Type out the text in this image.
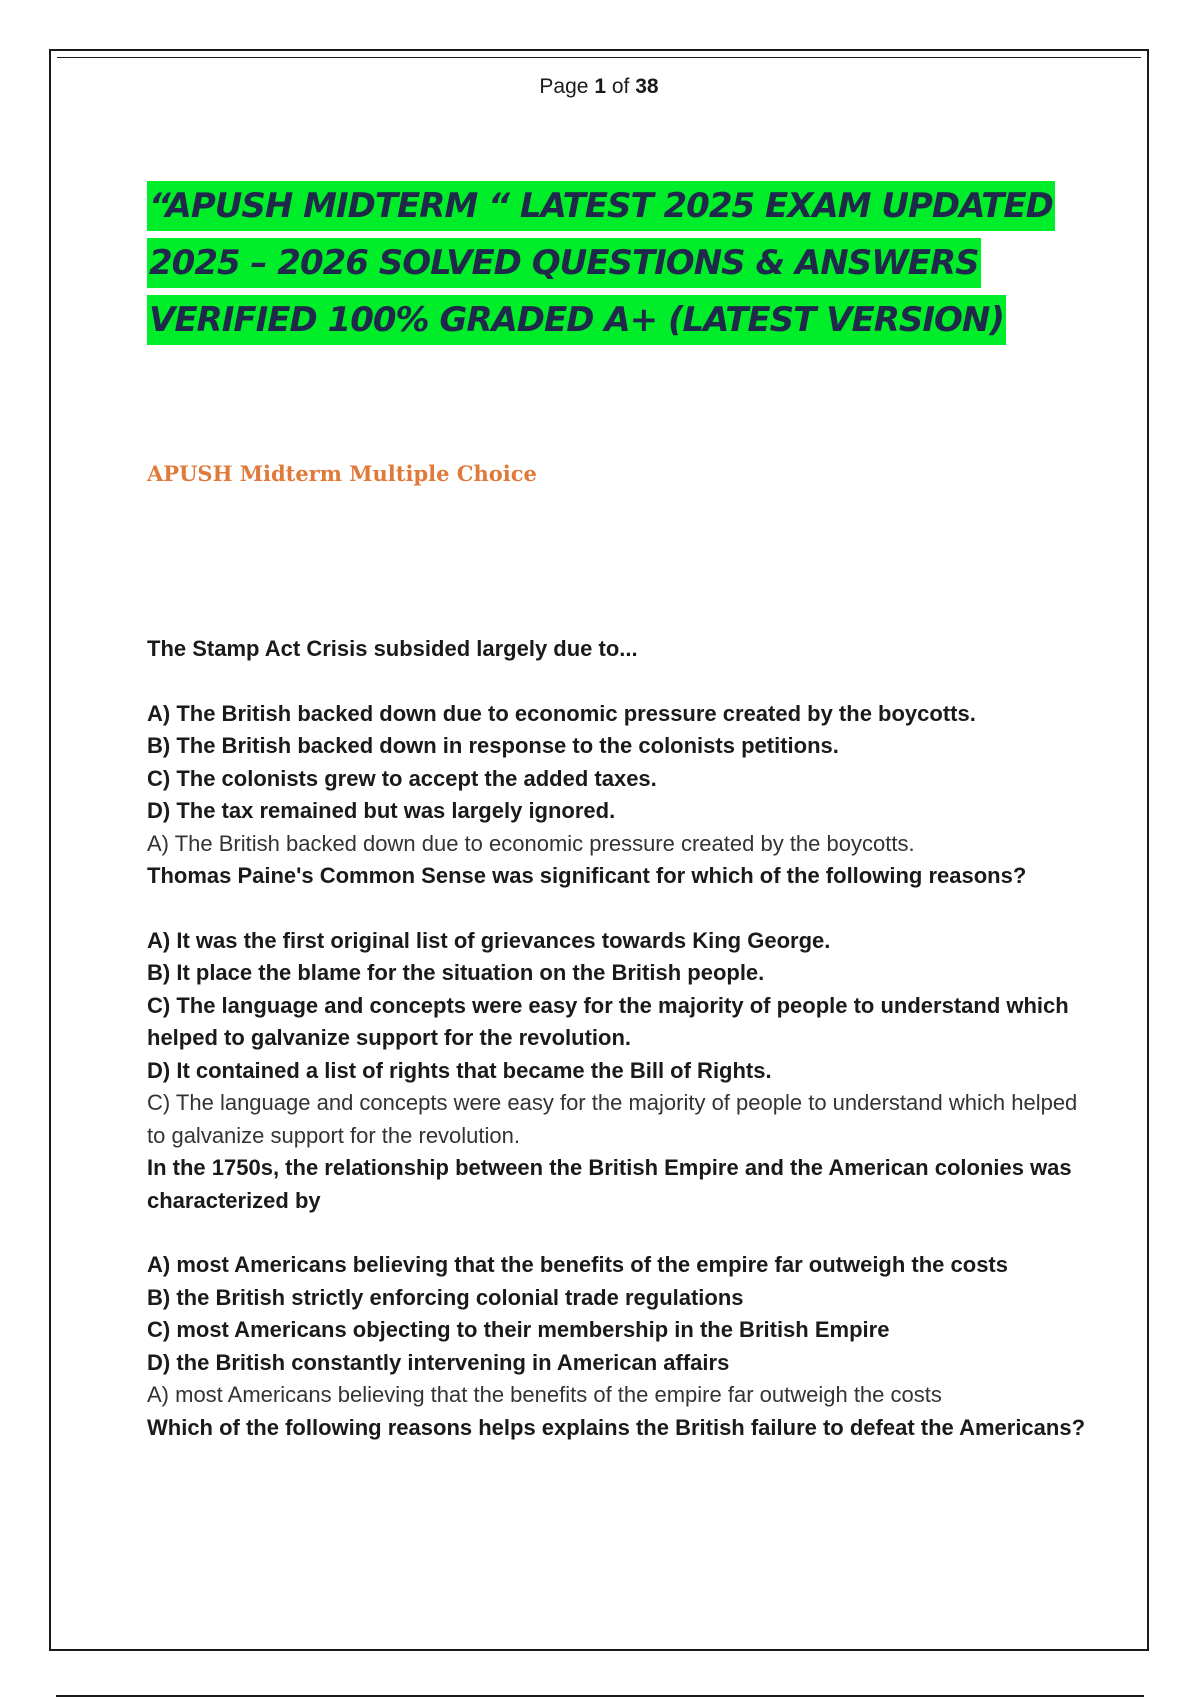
Page 1 of 38
“APUSH MIDTERM “ LATEST 2025 EXAM UPDATED
2025 – 2026 SOLVED QUESTIONS & ANSWERS
VERIFIED 100% GRADED A+ (LATEST VERSION)
APUSH Midterm Multiple Choice
The Stamp Act Crisis subsided largely due to...
A) The British backed down due to economic pressure created by the boycotts.
B) The British backed down in response to the colonists petitions.
C) The colonists grew to accept the added taxes.
D) The tax remained but was largely ignored.
A) The British backed down due to economic pressure created by the boycotts.
Thomas Paine's Common Sense was significant for which of the following reasons?
A) It was the first original list of grievances towards King George.
B) It place the blame for the situation on the British people.
C) The language and concepts were easy for the majority of people to understand which helped to galvanize support for the revolution.
D) It contained a list of rights that became the Bill of Rights.
C) The language and concepts were easy for the majority of people to understand which helped to galvanize support for the revolution.
In the 1750s, the relationship between the British Empire and the American colonies was characterized by
A) most Americans believing that the benefits of the empire far outweigh the costs
B) the British strictly enforcing colonial trade regulations
C) most Americans objecting to their membership in the British Empire
D) the British constantly intervening in American affairs
A) most Americans believing that the benefits of the empire far outweigh the costs
Which of the following reasons helps explains the British failure to defeat the Americans?
